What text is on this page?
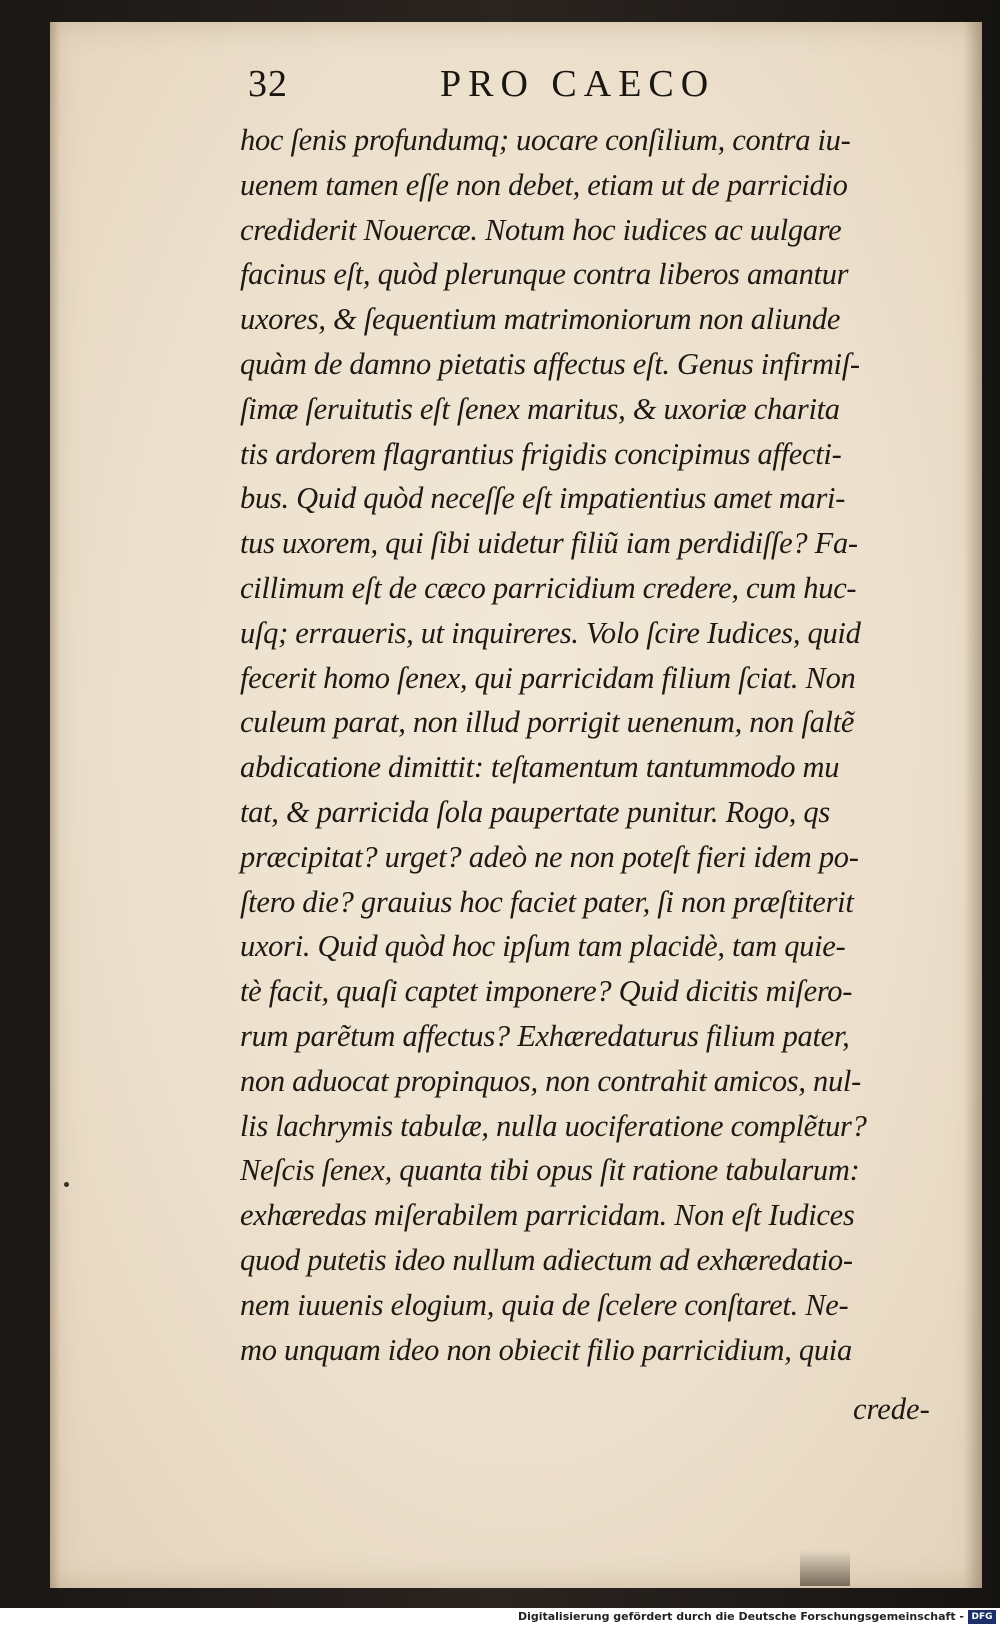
32	PRO CAECO
hoc ſenis profundumq; uocare conſilium, contra iu-
uenem tamen eſſe non debet, etiam ut de parricidio
crediderit Nouercæ. Notum hoc iudices ac uulgare
facinus eſt, quòd plerunque contra liberos amantur
uxores, & ſequentium matrimoniorum non aliunde
quàm de damno pietatis affectus eſt. Genus infirmiſ-
ſimæ ſeruitutis eſt ſenex maritus, & uxoriæ charita
tis ardorem flagrantius frigidis concipimus affecti-
bus. Quid quòd neceſſe eſt impatientius amet mari-
tus uxorem, qui ſibi uidetur filiũ iam perdidiſſe? Fa-
cillimum eſt de cæco parricidium credere, cum huc-
uſq; erraueris, ut inquireres. Volo ſcire Iudices, quid
fecerit homo ſenex, qui parricidam filium ſciat. Non
culeum parat, non illud porrigit uenenum, non ſaltẽ
abdicatione dimittit: teſtamentum tantummodo mu
tat, & parricida ſola paupertate punitur. Rogo, qs
præcipitat? urget? adeò ne non poteſt fieri idem po-
ſtero die? grauius hoc faciet pater, ſi non præſtiterit
uxori. Quid quòd hoc ipſum tam placidè, tam quie-
tè facit, quaſi captet imponere? Quid dicitis miſero-
rum parẽtum affectus? Exhæredaturus filium pater,
non aduocat propinquos, non contrahit amicos, nul-
lis lachrymis tabulæ, nulla uociferatione complẽtur?
Neſcis ſenex, quanta tibi opus ſit ratione tabularum:
exhæredas miſerabilem parricidam. Non eſt Iudices
quod putetis ideo nullum adiectum ad exhæredatio-
nem iuuenis elogium, quia de ſcelere conſtaret. Ne-
mo unquam ideo non obiecit filio parricidium, quia
crede-
Digitalisierung gefördert durch die Deutsche Forschungsgemeinschaft - DFG
